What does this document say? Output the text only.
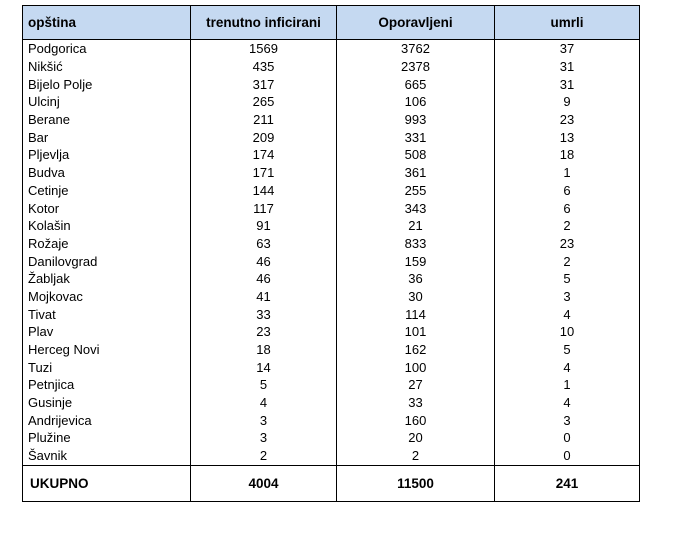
opština	trenutno inficirani	Oporavljeni	umrli
Podgorica	1569	3762	37
Nikšić	435	2378	31
Bijelo Polje	317	665	31
Ulcinj	265	106	9
Berane	211	993	23
Bar	209	331	13
Pljevlja	174	508	18
Budva	171	361	1
Cetinje	144	255	6
Kotor	117	343	6
Kolašin	91	21	2
Rožaje	63	833	23
Danilovgrad	46	159	2
Žabljak	46	36	5
Mojkovac	41	30	3
Tivat	33	114	4
Plav	23	101	10
Herceg Novi	18	162	5
Tuzi	14	100	4
Petnjica	5	27	1
Gusinje	4	33	4
Andrijevica	3	160	3
Plužine	3	20	0
Šavnik	2	2	0
UKUPNO	4004	11500	241
